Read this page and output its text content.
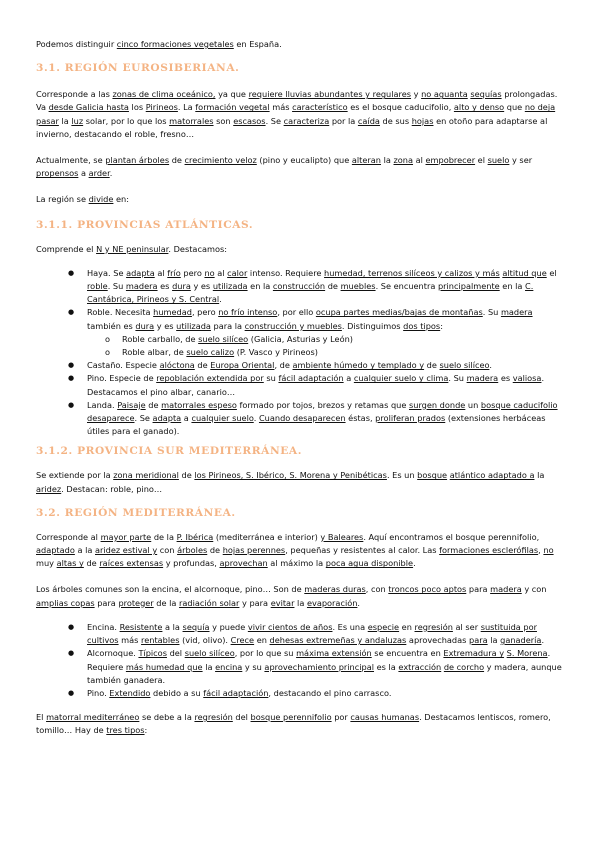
Podemos distinguir cinco formaciones vegetales en España.

3.1. REGIÓN EUROSIBERIANA.

Corresponde a las zonas de clima oceánico, ya que requiere lluvias abundantes y regulares y no aguanta sequías prolongadas. Va desde Galicia hasta los Pirineos. La formación vegetal más característico es el bosque caducifolio, alto y denso que no deja pasar la luz solar, por lo que los matorrales son escasos. Se caracteriza por la caída de sus hojas en otoño para adaptarse al invierno, destacando el roble, fresno…

Actualmente, se plantan árboles de crecimiento veloz (pino y eucalipto) que alteran la zona al empobrecer el suelo y ser propensos a arder.

La región se divide en:

3.1.1. PROVINCIAS ATLÁNTICAS.

Comprende el N y NE peninsular. Destacamos:

● Haya. Se adapta al frío pero no al calor intenso. Requiere humedad, terrenos silíceos y calizos y más altitud que el roble. Su madera es dura y es utilizada en la construcción de muebles. Se encuentra principalmente en la C. Cantábrica, Pirineos y S. Central.
● Roble. Necesita humedad, pero no frío intenso, por ello ocupa partes medias/bajas de montañas. Su madera también es dura y es utilizada para la construcción y muebles. Distinguimos dos tipos:
o Roble carballo, de suelo silíceo (Galicia, Asturias y León)
o Roble albar, de suelo calizo (P. Vasco y Pirineos)
● Castaño. Especie alóctona de Europa Oriental, de ambiente húmedo y templado y de suelo silíceo.
● Pino. Especie de repoblación extendida por su fácil adaptación a cualquier suelo y clima. Su madera es valiosa. Destacamos el pino albar, canario…
● Landa. Paisaje de matorrales espeso formado por tojos, brezos y retamas que surgen donde un bosque caducifolio desaparece. Se adapta a cualquier suelo. Cuando desaparecen éstas, proliferan prados (extensiones herbáceas útiles para el ganado).
3.1.2. PROVINCIA SUR MEDITERRÁNEA.

Se extiende por la zona meridional de los Pirineos, S. Ibérico, S. Morena y Penibéticas. Es un bosque atlántico adaptado a la aridez. Destacan: roble, pino…

3.2. REGIÓN MEDITERRÁNEA.

Corresponde al mayor parte de la P. Ibérica (mediterránea e interior) y Baleares. Aquí encontramos el bosque perennifolio, adaptado a la aridez estival y con árboles de hojas perennes, pequeñas y resistentes al calor. Las formaciones esclerófilas, no muy altas y de raíces extensas y profundas, aprovechan al máximo la poca agua disponible.

Los árboles comunes son la encina, el alcornoque, pino… Son de maderas duras, con troncos poco aptos para madera y con amplias copas para proteger de la radiación solar y para evitar la evaporación.

● Encina. Resistente a la sequía y puede vivir cientos de años. Es una especie en regresión al ser sustituida por cultivos más rentables (vid, olivo). Crece en dehesas extremeñas y andaluzas aprovechadas para la ganadería.
● Alcornoque. Típicos del suelo silíceo, por lo que su máxima extensión se encuentra en Extremadura y S. Morena. Requiere más humedad que la encina y su aprovechamiento principal es la extracción de corcho y madera, aunque también ganadera.
● Pino. Extendido debido a su fácil adaptación, destacando el pino carrasco.

El matorral mediterráneo se debe a la regresión del bosque perennifolio por causas humanas. Destacamos lentiscos, romero, tomillo… Hay de tres tipos:
